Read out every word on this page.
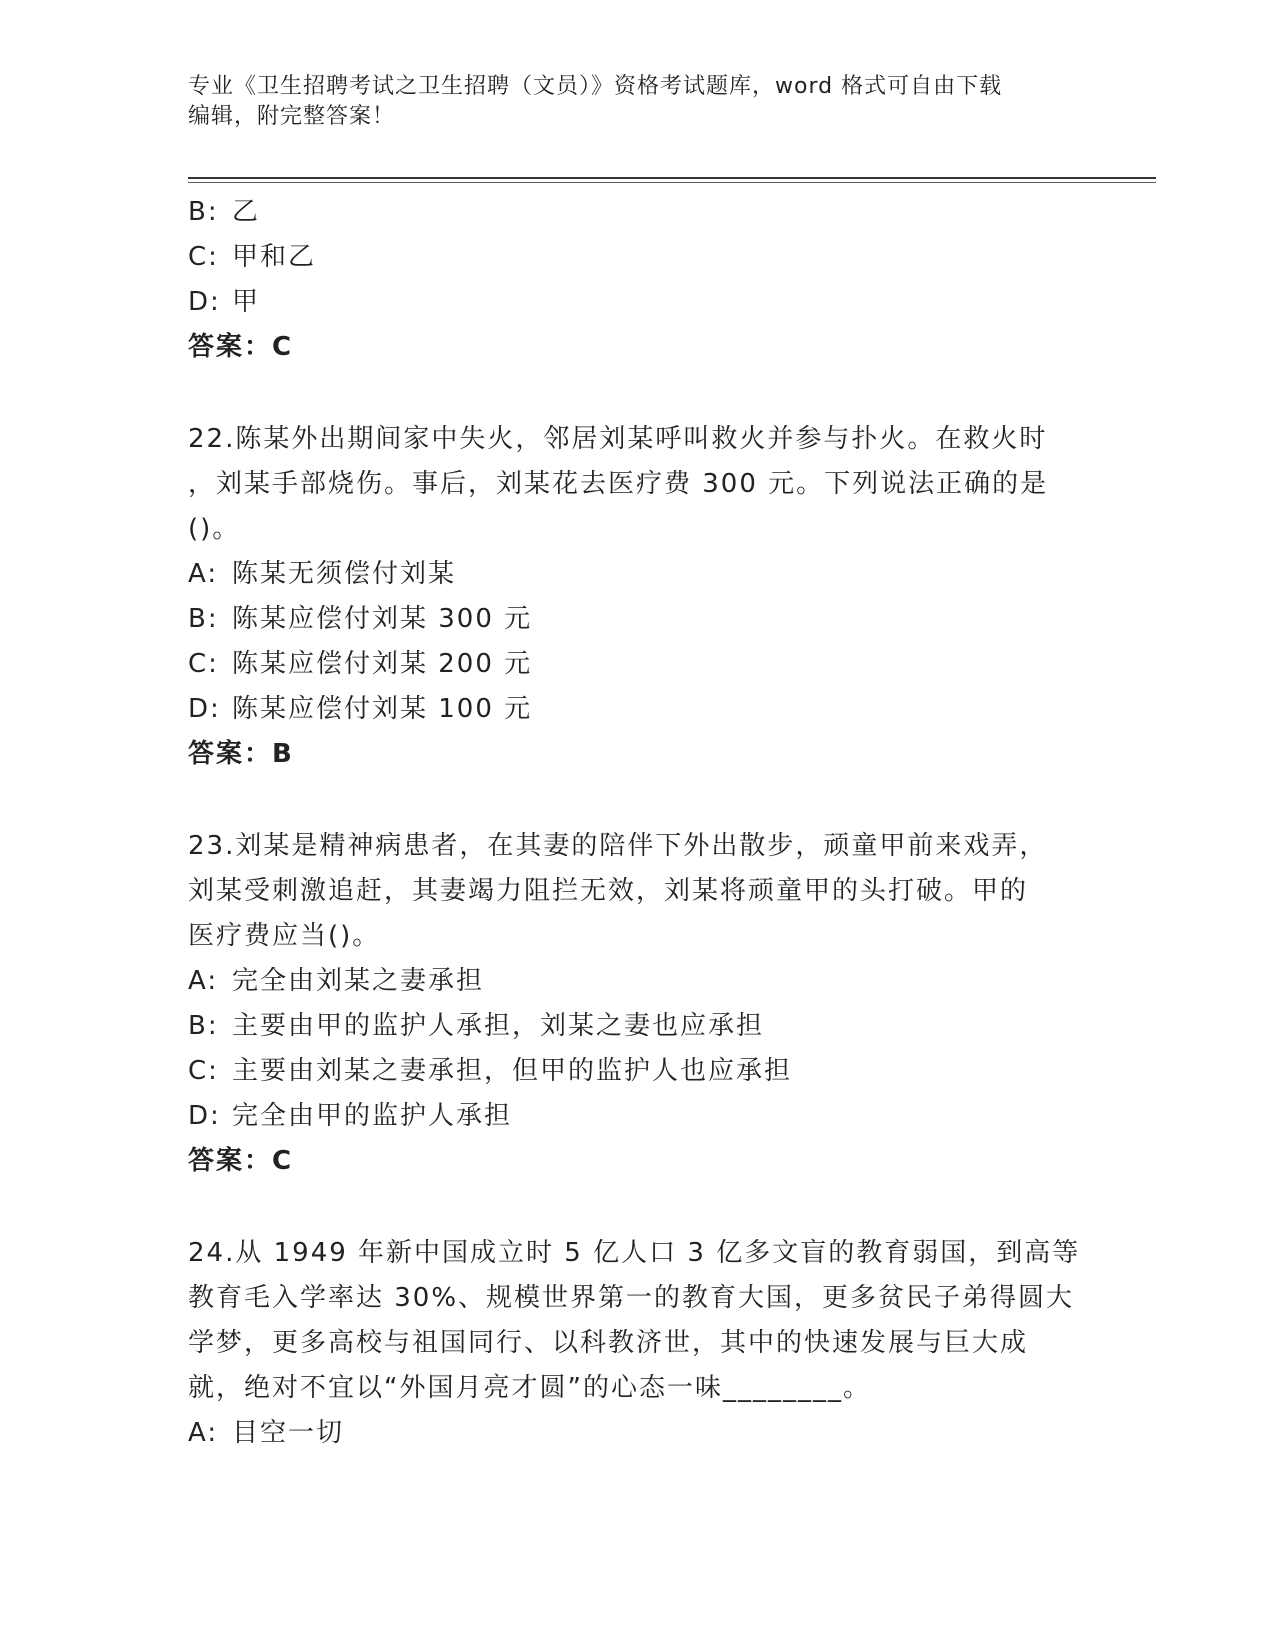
专业《卫生招聘考试之卫生招聘（文员）》资格考试题库，word 格式可自由下载
编辑，附完整答案！
B: 乙
C: 甲和乙
D: 甲
答案：C
22.陈某外出期间家中失火，邻居刘某呼叫救火并参与扑火。在救火时
，刘某手部烧伤。事后，刘某花去医疗费 300 元。下列说法正确的是
()。
A: 陈某无须偿付刘某
B: 陈某应偿付刘某 300 元
C: 陈某应偿付刘某 200 元
D: 陈某应偿付刘某 100 元
答案：B
23.刘某是精神病患者，在其妻的陪伴下外出散步，顽童甲前来戏弄，
刘某受刺激追赶，其妻竭力阻拦无效，刘某将顽童甲的头打破。甲的
医疗费应当()。
A: 完全由刘某之妻承担
B: 主要由甲的监护人承担，刘某之妻也应承担
C: 主要由刘某之妻承担，但甲的监护人也应承担
D: 完全由甲的监护人承担
答案：C
24.从 1949 年新中国成立时 5 亿人口 3 亿多文盲的教育弱国，到高等
教育毛入学率达 30%、规模世界第一的教育大国，更多贫民子弟得圆大
学梦，更多高校与祖国同行、以科教济世，其中的快速发展与巨大成
就，绝对不宜以“外国月亮才圆”的心态一味________。
A: 目空一切
